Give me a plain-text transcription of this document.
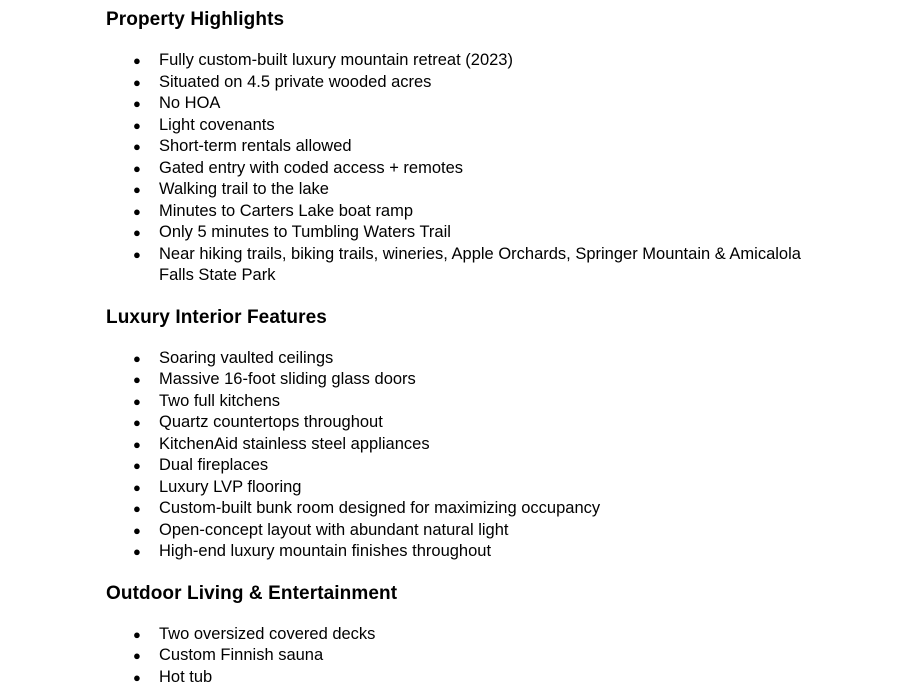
Property Highlights
● Fully custom-built luxury mountain retreat (2023)
● Situated on 4.5 private wooded acres
● No HOA
● Light covenants
● Short-term rentals allowed
● Gated entry with coded access + remotes
● Walking trail to the lake
● Minutes to Carters Lake boat ramp
● Only 5 minutes to Tumbling Waters Trail
● Near hiking trails, biking trails, wineries, Apple Orchards, Springer Mountain & Amicalola Falls State Park
Luxury Interior Features
● Soaring vaulted ceilings
● Massive 16-foot sliding glass doors
● Two full kitchens
● Quartz countertops throughout
● KitchenAid stainless steel appliances
● Dual fireplaces
● Luxury LVP flooring
● Custom-built bunk room designed for maximizing occupancy
● Open-concept layout with abundant natural light
● High-end luxury mountain finishes throughout
Outdoor Living & Entertainment
● Two oversized covered decks
● Custom Finnish sauna
● Hot tub
